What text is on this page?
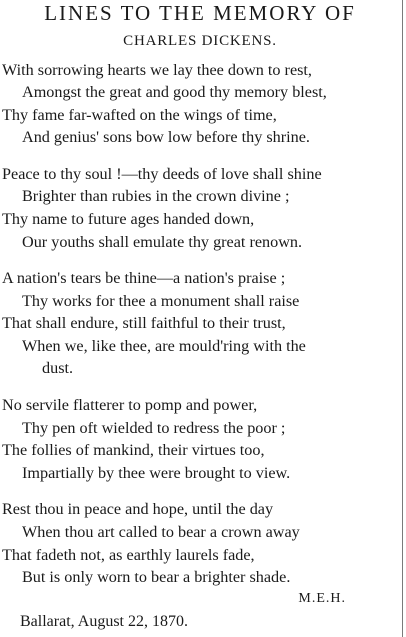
LINES TO THE MEMORY OF
CHARLES DICKENS.
With sorrowing hearts we lay thee down to rest,
Amongst the great and good thy memory blest,
Thy fame far-wafted on the wings of time,
And genius' sons bow low before thy shrine.
Peace to thy soul !—thy deeds of love shall shine
Brighter than rubies in the crown divine ;
Thy name to future ages handed down,
Our youths shall emulate thy great renown.
A nation's tears be thine—a nation's praise ;
Thy works for thee a monument shall raise
That shall endure, still faithful to their trust,
When we, like thee, are mould'ring with the
dust.
No servile flatterer to pomp and power,
Thy pen oft wielded to redress the poor ;
The follies of mankind, their virtues too,
Impartially by thee were brought to view.
Rest thou in peace and hope, until the day
When thou art called to bear a crown away
That fadeth not, as earthly laurels fade,
But is only worn to bear a brighter shade.
M.E.H.
Ballarat, August 22, 1870.
